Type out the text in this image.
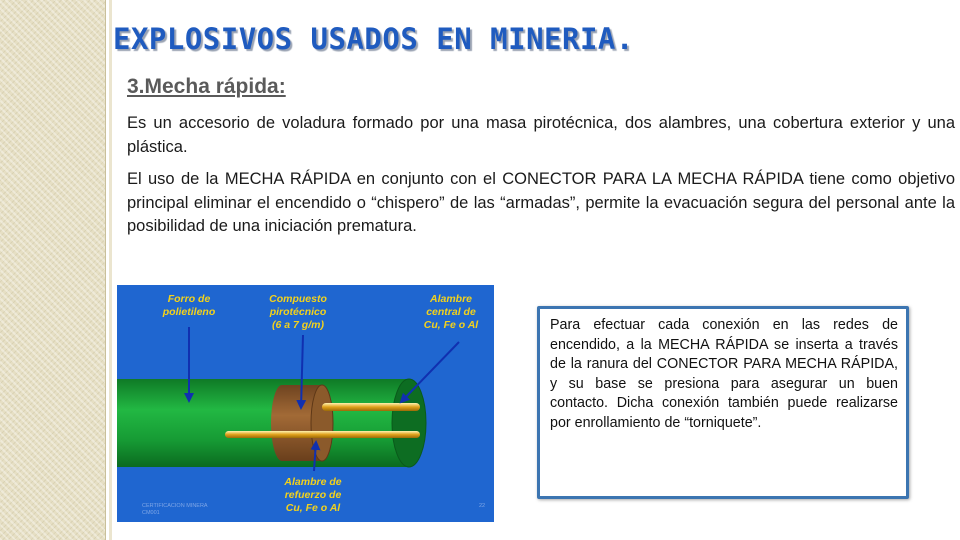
EXPLOSIVOS USADOS EN MINERIA.
3.Mecha rápida:

Es un accesorio de voladura formado por una masa pirotécnica, dos alambres, una cobertura exterior y una plástica.

El uso de la MECHA RÁPIDA en conjunto con el CONECTOR PARA LA MECHA RÁPIDA tiene como objetivo principal eliminar el encendido o “chispero” de las “armadas”, permite la evacuación segura del personal ante la posibilidad de una iniciación prematura.

Forro de
polietileno
Compuesto
pirotécnico
(6 a 7 g/m)
Alambre
central de
Cu, Fe o Al
Alambre de
refuerzo de
Cu, Fe o Al
CERTIFICACION MINERA
CM001
22

Para efectuar cada conexión en las redes de encendido, a la MECHA RÁPIDA se inserta a través de la ranura del CONECTOR PARA MECHA RÁPIDA, y su base se presiona para asegurar un buen contacto. Dicha conexión también puede realizarse por enrollamiento de “torniquete”.
